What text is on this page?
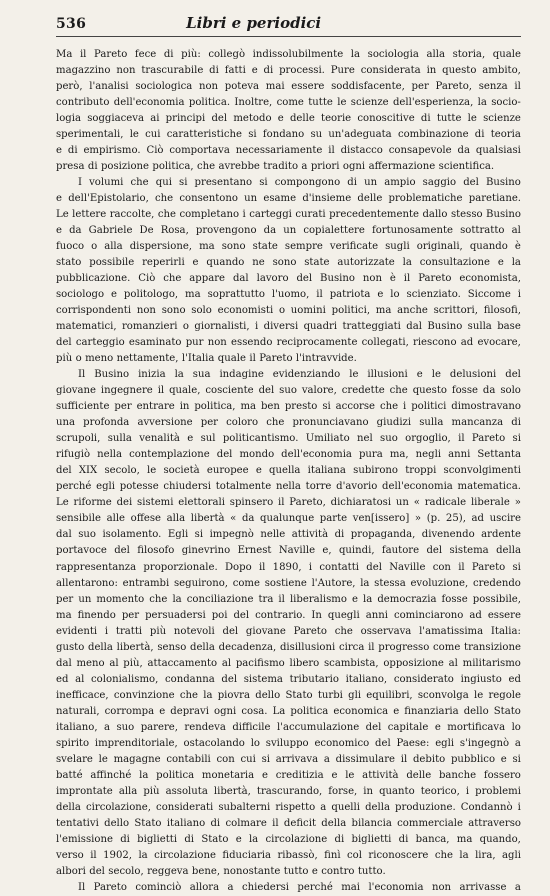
536	Libri e periodici

Ma il Pareto fece di più: collegò indissolubilmente la sociologia alla storia, quale
magazzino non trascurabile di fatti e di processi. Pure considerata in questo ambito,
però, l'analisi sociologica non poteva mai essere soddisfacente, per Pareto, senza il
contributo dell'economia politica. Inoltre, come tutte le scienze dell'esperienza, la socio-
logia soggiaceva ai principi del metodo e delle teorie conoscitive di tutte le scienze
sperimentali, le cui caratteristiche si fondano su un'adeguata combinazione di teoria
e di empirismo. Ciò comportava necessariamente il distacco consapevole da qualsiasi
presa di posizione politica, che avrebbe tradito a priori ogni affermazione scientifica.

I volumi che qui si presentano si compongono di un ampio saggio del Busino
e dell'Epistolario, che consentono un esame d'insieme delle problematiche paretiane.
Le lettere raccolte, che completano i carteggi curati precedentemente dallo stesso Busino
e da Gabriele De Rosa, provengono da un copialettere fortunosamente sottratto al
fuoco o alla dispersione, ma sono state sempre verificate sugli originali, quando è
stato possibile reperirli e quando ne sono state autorizzate la consultazione e la
pubblicazione. Ciò che appare dal lavoro del Busino non è il Pareto economista,
sociologo e politologo, ma soprattutto l'uomo, il patriota e lo scienziato. Siccome i
corrispondenti non sono solo economisti o uomini politici, ma anche scrittori, filosofi,
matematici, romanzieri o giornalisti, i diversi quadri tratteggiati dal Busino sulla base
del carteggio esaminato pur non essendo reciprocamente collegati, riescono ad evocare,
più o meno nettamente, l'Italia quale il Pareto l'intravvide.

Il Busino inizia la sua indagine evidenziando le illusioni e le delusioni del
giovane ingegnere il quale, cosciente del suo valore, credette che questo fosse da solo
sufficiente per entrare in politica, ma ben presto si accorse che i politici dimostravano
una profonda avversione per coloro che pronunciavano giudizi sulla mancanza di
scrupoli, sulla venalità e sul politicantismo. Umiliato nel suo orgoglio, il Pareto si
rifugiò nella contemplazione del mondo dell'economia pura ma, negli anni Settanta
del XIX secolo, le società europee e quella italiana subirono troppi sconvolgimenti
perché egli potesse chiudersi totalmente nella torre d'avorio dell'economia matematica.
Le riforme dei sistemi elettorali spinsero il Pareto, dichiaratosi un « radicale liberale »
sensibile alle offese alla libertà « da qualunque parte ven[issero] » (p. 25), ad uscire
dal suo isolamento. Egli si impegnò nelle attività di propaganda, divenendo ardente
portavoce del filosofo ginevrino Ernest Naville e, quindi, fautore del sistema della
rappresentanza proporzionale. Dopo il 1890, i contatti del Naville con il Pareto si
allentarono: entrambi seguirono, come sostiene l'Autore, la stessa evoluzione, credendo
per un momento che la conciliazione tra il liberalismo e la democrazia fosse possibile,
ma finendo per persuadersi poi del contrario. In quegli anni cominciarono ad essere
evidenti i tratti più notevoli del giovane Pareto che osservava l'amatissima Italia:
gusto della libertà, senso della decadenza, disillusioni circa il progresso come transizione
dal meno al più, attaccamento al pacifismo libero scambista, opposizione al militarismo
ed al colonialismo, condanna del sistema tributario italiano, considerato ingiusto ed
inefficace, convinzione che la piovra dello Stato turbi gli equilibri, sconvolga le regole
naturali, corrompa e depravi ogni cosa. La politica economica e finanziaria dello Stato
italiano, a suo parere, rendeva difficile l'accumulazione del capitale e mortificava lo
spirito imprenditoriale, ostacolando lo sviluppo economico del Paese: egli s'ingegnò a
svelare le magagne contabili con cui si arrivava a dissimulare il debito pubblico e si
batté affinché la politica monetaria e creditizia e le attività delle banche fossero
improntate alla più assoluta libertà, trascurando, forse, in quanto teorico, i problemi
della circolazione, considerati subalterni rispetto a quelli della produzione. Condannò i
tentativi dello Stato italiano di colmare il deficit della bilancia commerciale attraverso
l'emissione di biglietti di Stato e la circolazione di biglietti di banca, ma quando,
verso il 1902, la circolazione fiduciaria ribassò, finì col riconoscere che la lira, agli
albori del secolo, reggeva bene, nonostante tutto e contro tutto.

Il Pareto cominciò allora a chiedersi perché mai l'economia non arrivasse a
